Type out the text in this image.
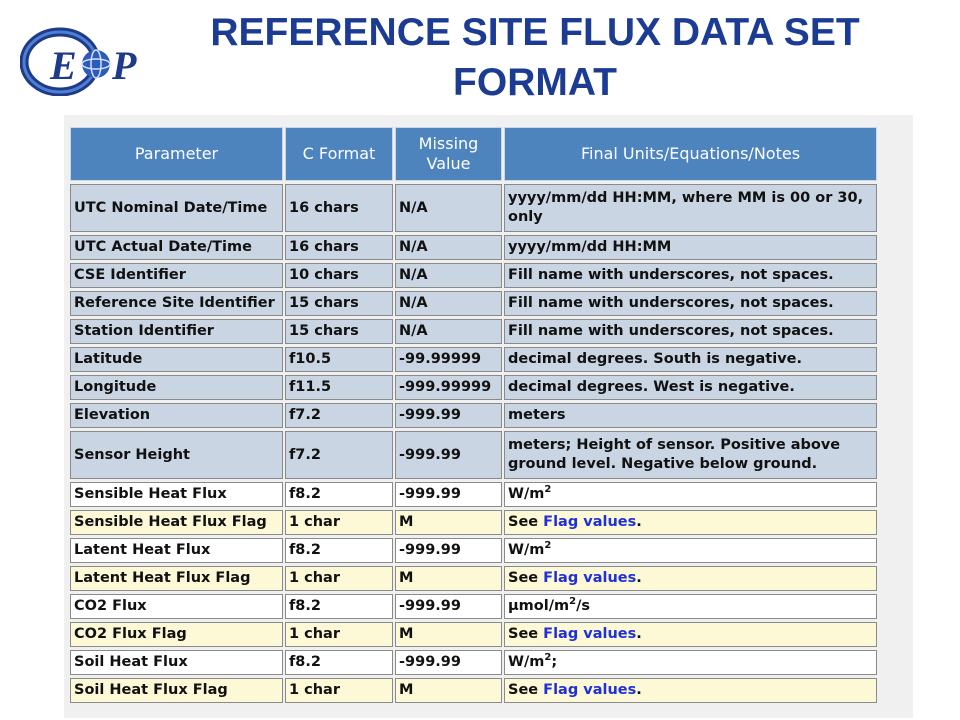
E P
REFERENCE SITE FLUX DATA SET
FORMAT
Parameter	C Format	Missing Value	Final Units/Equations/Notes
UTC Nominal Date/Time	16 chars	N/A	yyyy/mm/dd HH:MM, where MM is 00 or 30, only
UTC Actual Date/Time	16 chars	N/A	yyyy/mm/dd HH:MM
CSE Identifier	10 chars	N/A	Fill name with underscores, not spaces.
Reference Site Identifier	15 chars	N/A	Fill name with underscores, not spaces.
Station Identifier	15 chars	N/A	Fill name with underscores, not spaces.
Latitude	f10.5	-99.99999	decimal degrees. South is negative.
Longitude	f11.5	-999.99999	decimal degrees. West is negative.
Elevation	f7.2	-999.99	meters
Sensor Height	f7.2	-999.99	meters; Height of sensor. Positive above ground level. Negative below ground.
Sensible Heat Flux	f8.2	-999.99	$W/m^2$
Sensible Heat Flux Flag	1 char	M	See Flag values.
Latent Heat Flux	f8.2	-999.99	$W/m^2$
Latent Heat Flux Flag	1 char	M	See Flag values.
CO2 Flux	f8.2	-999.99	µmol/$m^2/s$
CO2 Flux Flag	1 char	M	See Flag values.
Soil Heat Flux	f8.2	-999.99	$W/m^2$;
Soil Heat Flux Flag	1 char	M	See Flag values.
